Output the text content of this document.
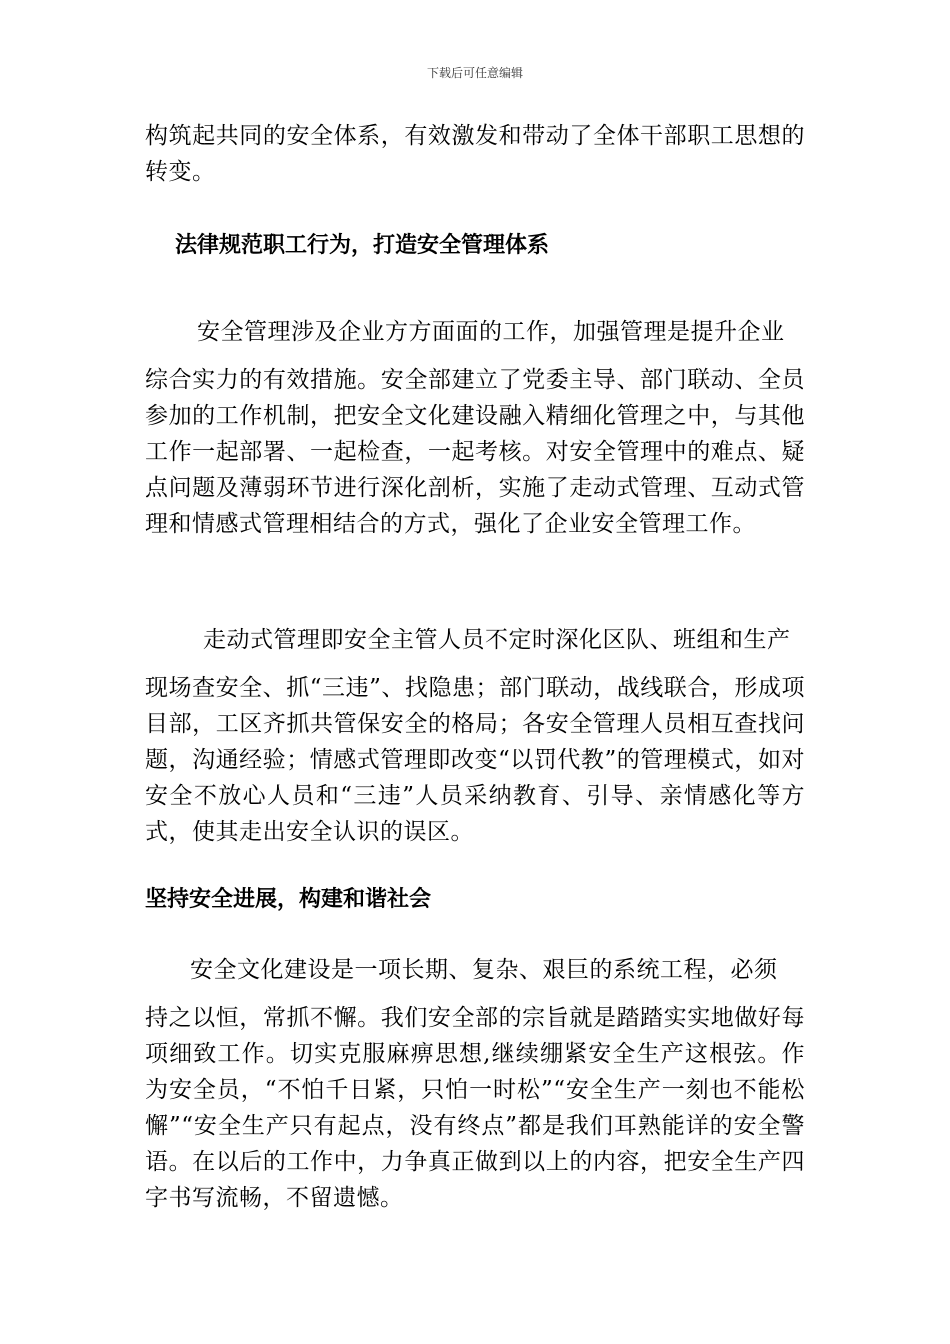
下载后可任意编辑

构筑起共同的安全体系，有效激发和带动了全体干部职工思想的转变。

法律规范职工行为，打造安全管理体系
安全管理涉及企业方方面面的工作，加强管理是提升企业
综合实力的有效措施。安全部建立了党委主导、部门联动、全员参加的工作机制，把安全文化建设融入精细化管理之中，与其他工作一起部署、一起检查，一起考核。对安全管理中的难点、疑点问题及薄弱环节进行深化剖析，实施了走动式管理、互动式管理和情感式管理相结合的方式，强化了企业安全管理工作。
走动式管理即安全主管人员不定时深化区队、班组和生产
现场查安全、抓“三违”、找隐患；部门联动，战线联合，形成项目部，工区齐抓共管保安全的格局；各安全管理人员相互查找问题，沟通经验；情感式管理即改变“以罚代教”的管理模式，如对安全不放心人员和“三违”人员采纳教育、引导、亲情感化等方式，使其走出安全认识的误区。
坚持安全进展，构建和谐社会
安全文化建设是一项长期、复杂、艰巨的系统工程，必须
持之以恒，常抓不懈。我们安全部的宗旨就是踏踏实实地做好每项细致工作。切实克服麻痹思想,继续绷紧安全生产这根弦。作为安全员，“不怕千日紧，只怕一时松”“安全生产一刻也不能松懈”“安全生产只有起点，没有终点”都是我们耳熟能详的安全警语。在以后的工作中，力争真正做到以上的内容，把安全生产四字书写流畅，不留遗憾。
